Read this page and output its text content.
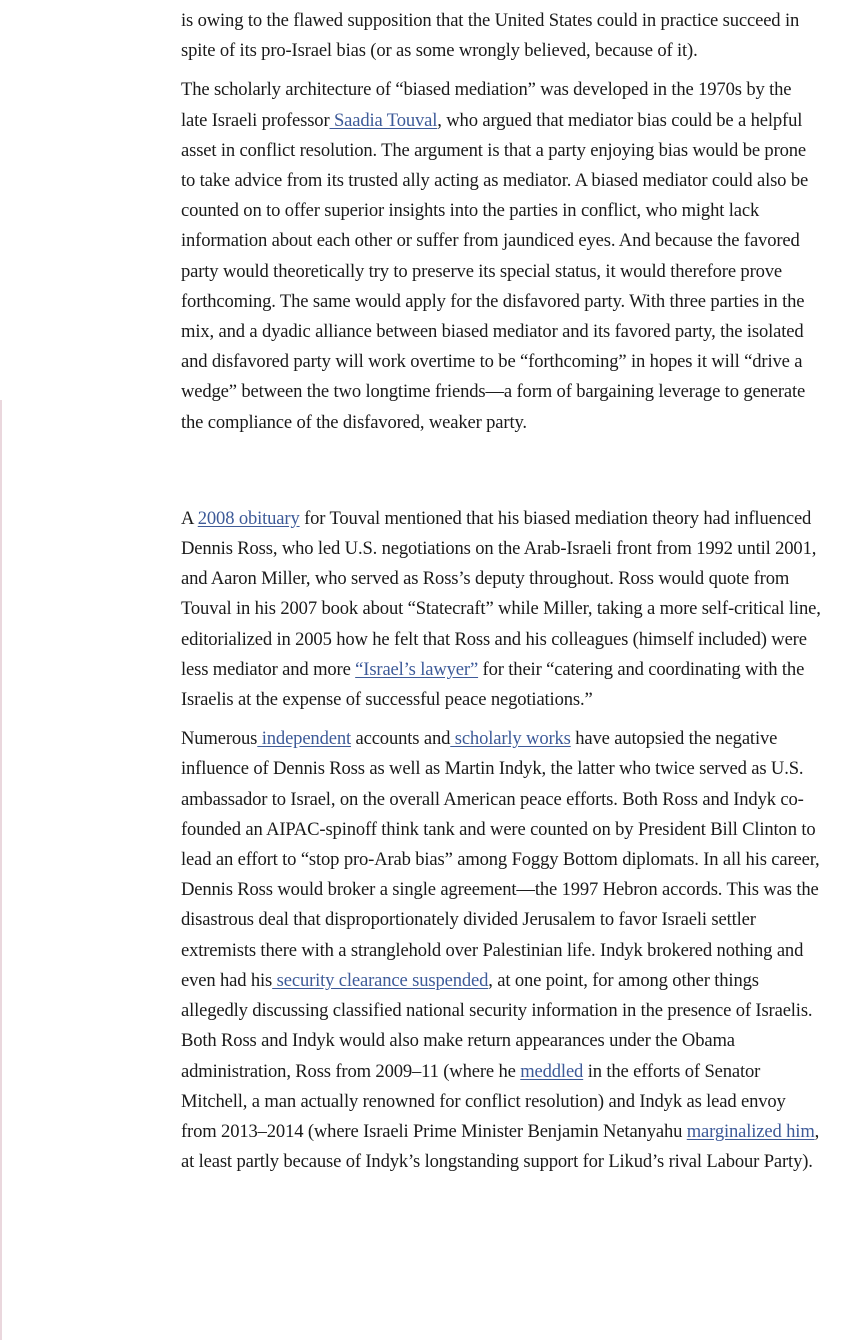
is owing to the flawed supposition that the United States could in practice succeed in spite of its pro-Israel bias (or as some wrongly believed, because of it).

The scholarly architecture of “biased mediation” was developed in the 1970s by the late Israeli professor Saadia Touval, who argued that mediator bias could be a helpful asset in conflict resolution. The argument is that a party enjoying bias would be prone to take advice from its trusted ally acting as mediator. A biased mediator could also be counted on to offer superior insights into the parties in conflict, who might lack information about each other or suffer from jaundiced eyes. And because the favored party would theoretically try to preserve its special status, it would therefore prove forthcoming. The same would apply for the disfavored party. With three parties in the mix, and a dyadic alliance between biased mediator and its favored party, the isolated and disfavored party will work overtime to be “forthcoming” in hopes it will “drive a wedge” between the two longtime friends—a form of bargaining leverage to generate the compliance of the disfavored, weaker party.

A 2008 obituary for Touval mentioned that his biased mediation theory had influenced Dennis Ross, who led U.S. negotiations on the Arab-Israeli front from 1992 until 2001, and Aaron Miller, who served as Ross’s deputy throughout. Ross would quote from Touval in his 2007 book about “Statecraft” while Miller, taking a more self-critical line, editorialized in 2005 how he felt that Ross and his colleagues (himself included) were less mediator and more “Israel’s lawyer” for their “catering and coordinating with the Israelis at the expense of successful peace negotiations.”

Numerous independent accounts and scholarly works have autopsied the negative influence of Dennis Ross as well as Martin Indyk, the latter who twice served as U.S. ambassador to Israel, on the overall American peace efforts. Both Ross and Indyk co-founded an AIPAC-spinoff think tank and were counted on by President Bill Clinton to lead an effort to “stop pro-Arab bias” among Foggy Bottom diplomats. In all his career, Dennis Ross would broker a single agreement—the 1997 Hebron accords. This was the disastrous deal that disproportionately divided Jerusalem to favor Israeli settler extremists there with a stranglehold over Palestinian life. Indyk brokered nothing and even had his security clearance suspended, at one point, for among other things allegedly discussing classified national security information in the presence of Israelis. Both Ross and Indyk would also make return appearances under the Obama administration, Ross from 2009–11 (where he meddled in the efforts of Senator Mitchell, a man actually renowned for conflict resolution) and Indyk as lead envoy from 2013–2014 (where Israeli Prime Minister Benjamin Netanyahu marginalized him, at least partly because of Indyk’s longstanding support for Likud’s rival Labour Party).
